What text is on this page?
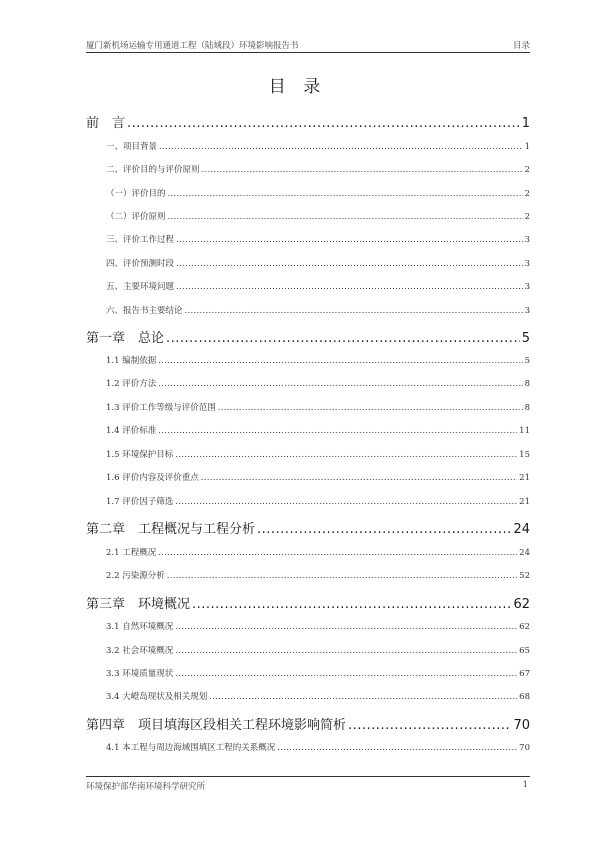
厦门新机场运输专用通道工程（陆域段）环境影响报告书	目录
目 录
前　言 .....	1
一、项目背景 .....	1
二、评价目的与评价原则 .....	2
（一）评价目的 .....	2
（二）评价原则 .....	2
三、评价工作过程 .....	3
四、评价预测时段 .....	3
五、主要环境问题 .....	3
六、报告书主要结论 .....	3
第一章　总论 .....	5
1.1 编制依据 .....	5
1.2 评价方法 .....	8
1.3 评价工作等级与评价范围 .....	8
1.4 评价标准 .....	11
1.5 环境保护目标 .....	15
1.6 评价内容及评价重点 .....	21
1.7 评价因子筛选 .....	21
第二章　工程概况与工程分析 .....	24
2.1 工程概况 .....	24
2.2 污染源分析 .....	52
第三章　环境概况 .....	62
3.1 自然环境概况 .....	62
3.2 社会环境概况 .....	65
3.3 环境质量现状 .....	67
3.4 大嶝岛现状及相关规划 .....	68
第四章　项目填海区段相关工程环境影响简析 .....	70
4.1 本工程与周边海域围填区工程的关系概况 .....	70
环境保护部华南环境科学研究所	1
